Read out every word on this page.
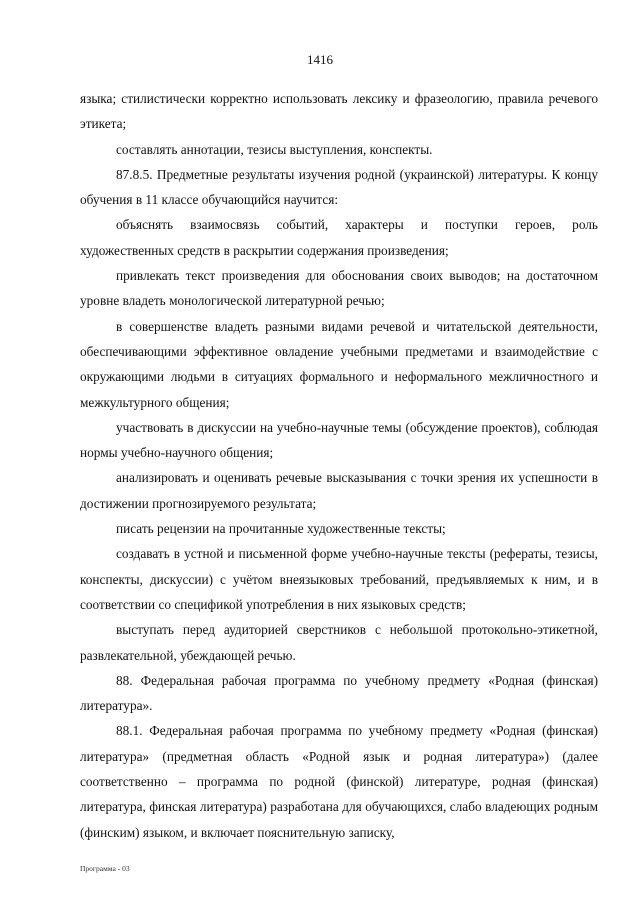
1416

языка; стилистически корректно использовать лексику и фразеологию, правила речевого этикета;

составлять аннотации, тезисы выступления, конспекты.

87.8.5. Предметные результаты изучения родной (украинской) литературы. К концу обучения в 11 классе обучающийся научится:

объяснять взаимосвязь событий, характеры и поступки героев, роль художественных средств в раскрытии содержания произведения;

привлекать текст произведения для обоснования своих выводов; на достаточном уровне владеть монологической литературной речью;

в совершенстве владеть разными видами речевой и читательской деятельности, обеспечивающими эффективное овладение учебными предметами и взаимодействие с окружающими людьми в ситуациях формального и неформального межличностного и межкультурного общения;

участвовать в дискуссии на учебно-научные темы (обсуждение проектов), соблюдая нормы учебно-научного общения;

анализировать и оценивать речевые высказывания с точки зрения их успешности в достижении прогнозируемого результата;

писать рецензии на прочитанные художественные тексты;

создавать в устной и письменной форме учебно-научные тексты (рефераты, тезисы, конспекты, дискуссии) с учётом внеязыковых требований, предъявляемых к ним, и в соответствии со спецификой употребления в них языковых средств;

выступать перед аудиторией сверстников с небольшой протокольно-этикетной, развлекательной, убеждающей речью.

88. Федеральная рабочая программа по учебному предмету «Родная (финская) литература».

88.1. Федеральная рабочая программа по учебному предмету «Родная (финская) литература» (предметная область «Родной язык и родная литература») (далее соответственно – программа по родной (финской) литературе, родная (финская) литература, финская литература) разработана для обучающихся, слабо владеющих родным (финским) языком, и включает пояснительную записку,

Программа - 03
